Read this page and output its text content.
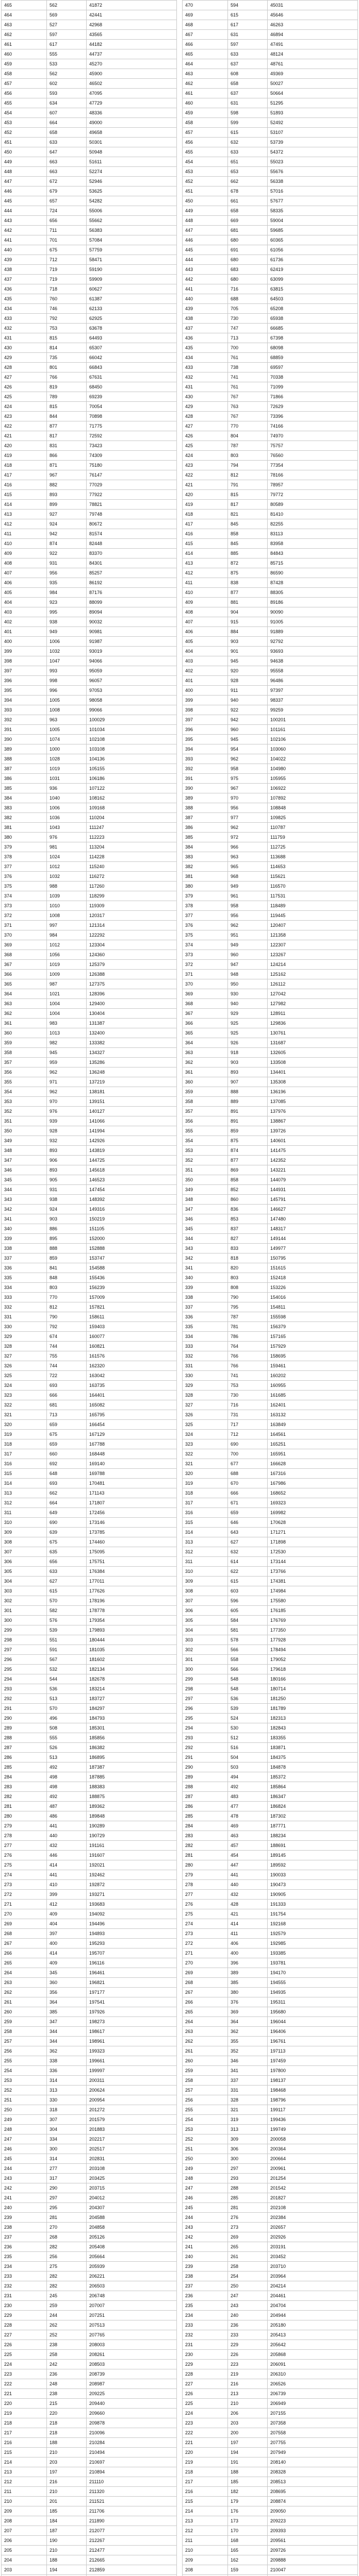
465	562	41872
464	569	42441
463	527	42968
462	597	43565
461	617	44182
460	555	44737
459	533	45270
458	562	45900
457	602	46502
456	593	47095
455	634	47729
454	607	48336
453	664	49000
452	658	49658
451	633	50301
450	647	50948
449	663	51611
448	663	52274
447	672	52946
446	679	53625
445	657	54282
444	724	55006
443	656	55662
442	711	56383
441	701	57084
440	675	57759
439	712	58471
438	719	59190
437	719	59909
436	718	60627
435	760	61387
434	746	62133
433	792	62925
432	753	63678
431	815	64493
430	814	65307
429	735	66042
428	801	66843
427	766	67631
426	819	68450
425	789	69239
424	815	70054
423	844	70898
422	877	71775
421	817	72592
420	831	73423
419	866	74309
418	871	75180
417	967	76147
416	882	77029
415	893	77922
414	899	78821
413	927	79748
412	924	80672
411	942	81574
410	874	82448
409	922	83370
408	931	84301
407	956	85257
406	935	86192
405	984	87176
404	923	88099
403	995	89094
402	938	90032
401	949	90981
400	1006	91987
399	1032	93019
398	1047	94066
397	993	95059
396	998	96057
395	996	97053
394	1005	98058
393	1008	99066
392	963	100029
391	1005	101034
390	1074	102108
389	1000	103108
388	1028	104136
387	1019	105155
386	1031	106186
385	936	107122
384	1040	108162
383	1006	109168
382	1036	110204
381	1043	111247
380	976	112223
379	981	113204
378	1024	114228
377	1012	115240
376	1032	116272
375	988	117260
374	1039	118299
373	1010	119309
372	1008	120317
371	997	121314
370	984	122292
369	1012	123304
368	1056	124360
367	1019	125379
366	1009	126388
365	987	127375
364	1021	128396
363	1004	129400
362	1004	130404
361	983	131387
360	1013	132400
359	982	133382
358	945	134327
357	959	135286
356	962	136248
355	971	137219
354	962	138181
353	970	139151
352	976	140127
351	939	141066
350	928	141994
349	932	142926
348	893	143819
347	906	144725
346	893	145618
345	905	146523
344	931	147454
343	938	148392
342	924	149316
341	903	150219
340	886	151105
339	895	152000
338	888	152888
337	859	153747
336	841	154588
335	848	155436
334	803	156239
333	770	157009
332	812	157821
331	790	158611
330	792	159403
329	674	160077
328	744	160821
327	755	161576
326	744	162320
325	722	163042
324	693	163735
323	666	164401
322	681	165082
321	713	165795
320	659	166454
319	675	167129
318	659	167788
317	660	168448
316	692	169140
315	648	169788
314	693	170481
313	662	171143
312	664	171807
311	649	172456
310	690	173146
309	639	173785
308	675	174460
307	635	175095
306	656	175751
305	633	176384
304	627	177011
303	615	177626
302	570	178196
301	582	178778
300	576	179354
299	539	179893
298	551	180444
297	591	181035
296	567	181602
295	532	182134
294	544	182678
293	536	183214
292	513	183727
291	570	184297
290	496	184793
289	508	185301
288	555	185856
287	526	186382
286	513	186895
285	492	187387
284	498	187885
283	498	188383
282	492	188875
281	487	189362
280	486	189848
279	441	190289
278	440	190729
277	432	191161
276	446	191607
275	414	192021
274	441	192462
273	410	192872
272	399	193271
271	412	193683
270	409	194092
269	404	194496
268	397	194893
267	400	195293
266	414	195707
265	409	196116
264	345	196461
263	360	196821
262	356	197177
261	364	197541
260	385	197926
259	347	198273
258	344	198617
257	344	198961
256	362	199323
255	338	199661
254	336	199997
253	314	200311
252	313	200624
251	330	200954
250	318	201272
249	307	201579
248	304	201883
247	334	202217
246	300	202517
245	314	202831
244	277	203108
243	317	203425
242	290	203715
241	297	204012
240	295	204307
239	281	204588
238	270	204858
237	268	205126
236	282	205408
235	256	205664
234	275	205939
233	282	206221
232	282	206503
231	245	206748
230	259	207007
229	244	207251
228	262	207513
227	252	207765
226	238	208003
225	258	208261
224	242	208503
223	236	208739
222	248	208987
221	238	209225
220	215	209440
219	220	209660
218	218	209878
217	218	210096
216	188	210284
215	210	210494
214	203	210697
213	197	210894
212	216	211110
211	210	211320
210	201	211521
209	185	211706
208	184	211890
207	187	212077
206	190	212267
205	210	212477
204	188	212665
203	194	212859

470	594	45031
469	615	45646
468	617	46263
467	631	46894
466	597	47491
465	633	48124
464	637	48761
463	608	49369
462	658	50027
461	637	50664
460	631	51295
459	598	51893
458	599	52492
457	615	53107
456	632	53739
455	633	54372
454	651	55023
453	653	55676
452	662	56338
451	678	57016
450	661	57677
449	658	58335
448	669	59004
447	681	59685
446	680	60365
445	691	61056
444	680	61736
443	683	62419
442	680	63099
441	716	63815
440	688	64503
439	705	65208
438	730	65938
437	747	66685
436	713	67398
435	700	68098
434	761	68859
433	738	69597
432	741	70338
431	761	71099
430	767	71866
429	763	72629
428	767	73396
427	770	74166
426	804	74970
425	787	75757
424	803	76560
423	794	77354
422	812	78166
421	791	78957
420	815	79772
419	817	80589
418	821	81410
417	845	82255
416	858	83113
415	845	83958
414	885	84843
413	872	85715
412	875	86590
411	838	87428
410	877	88305
409	881	89186
408	904	90090
407	915	91005
406	884	91889
405	903	92792
404	901	93693
403	945	94638
402	920	95558
401	928	96486
400	911	97397
399	940	98337
398	922	99259
397	942	100201
396	960	101161
395	945	102106
394	954	103060
393	962	104022
392	958	104980
391	975	105955
390	967	106922
389	970	107892
388	956	108848
387	977	109825
386	962	110787
385	972	111759
384	966	112725
383	963	113688
382	965	114653
381	968	115621
380	949	116570
379	961	117531
378	958	118489
377	956	119445
376	962	120407
375	951	121358
374	949	122307
373	960	123267
372	947	124214
371	948	125162
370	950	126112
369	930	127042
368	940	127982
367	929	128911
366	925	129836
365	925	130761
364	926	131687
363	918	132605
362	903	133508
361	893	134401
360	907	135308
359	888	136196
358	889	137085
357	891	137976
356	891	138867
355	859	139726
354	875	140601
353	874	141475
352	877	142352
351	869	143221
350	858	144079
349	852	144931
348	860	145791
347	836	146627
346	853	147480
345	837	148317
344	827	149144
343	833	149977
342	818	150795
341	820	151615
340	803	152418
339	808	153226
338	790	154016
337	795	154811
336	787	155598
335	781	156379
334	786	157165
333	764	157929
332	766	158695
331	766	159461
330	741	160202
329	753	160955
328	730	161685
327	716	162401
326	731	163132
325	717	163849
324	712	164561
323	690	165251
322	700	165951
321	677	166628
320	688	167316
319	670	167986
318	666	168652
317	671	169323
316	659	169982
315	646	170628
314	643	171271
313	627	171898
312	632	172530
311	614	173144
310	622	173766
309	615	174381
308	603	174984
307	596	175580
306	605	176185
305	584	176769
304	581	177350
303	578	177928
302	566	178494
301	558	179052
300	566	179618
299	548	180166
298	548	180714
297	536	181250
296	539	181789
295	524	182313
294	530	182843
293	512	183355
292	516	183871
291	504	184375
290	503	184878
289	494	185372
288	492	185864
287	483	186347
286	477	186824
285	478	187302
284	469	187771
283	463	188234
282	457	188691
281	454	189145
280	447	189592
279	441	190033
278	440	190473
277	432	190905
276	428	191333
275	421	191754
274	414	192168
273	411	192579
272	406	192985
271	400	193385
270	396	193781
269	389	194170
268	385	194555
267	380	194935
266	376	195311
265	369	195680
264	364	196044
263	362	196406
262	355	196761
261	352	197113
260	346	197459
259	341	197800
258	337	198137
257	331	198468
256	328	198796
255	321	199117
254	319	199436
253	313	199749
252	309	200058
251	306	200364
250	300	200664
249	297	200961
248	293	201254
247	288	201542
246	285	201827
245	281	202108
244	276	202384
243	273	202657
242	269	202926
241	265	203191
240	261	203452
239	258	203710
238	254	203964
237	250	204214
236	247	204461
235	243	204704
234	240	204944
233	236	205180
232	233	205413
231	229	205642
230	226	205868
229	223	206091
228	219	206310
227	216	206526
226	213	206739
225	210	206949
224	206	207155
223	203	207358
222	200	207558
221	197	207755
220	194	207949
219	191	208140
218	188	208328
217	185	208513
216	182	208695
215	179	208874
214	176	209050
213	173	209223
212	170	209393
211	168	209561
210	165	209726
209	162	209888
208	159	210047
